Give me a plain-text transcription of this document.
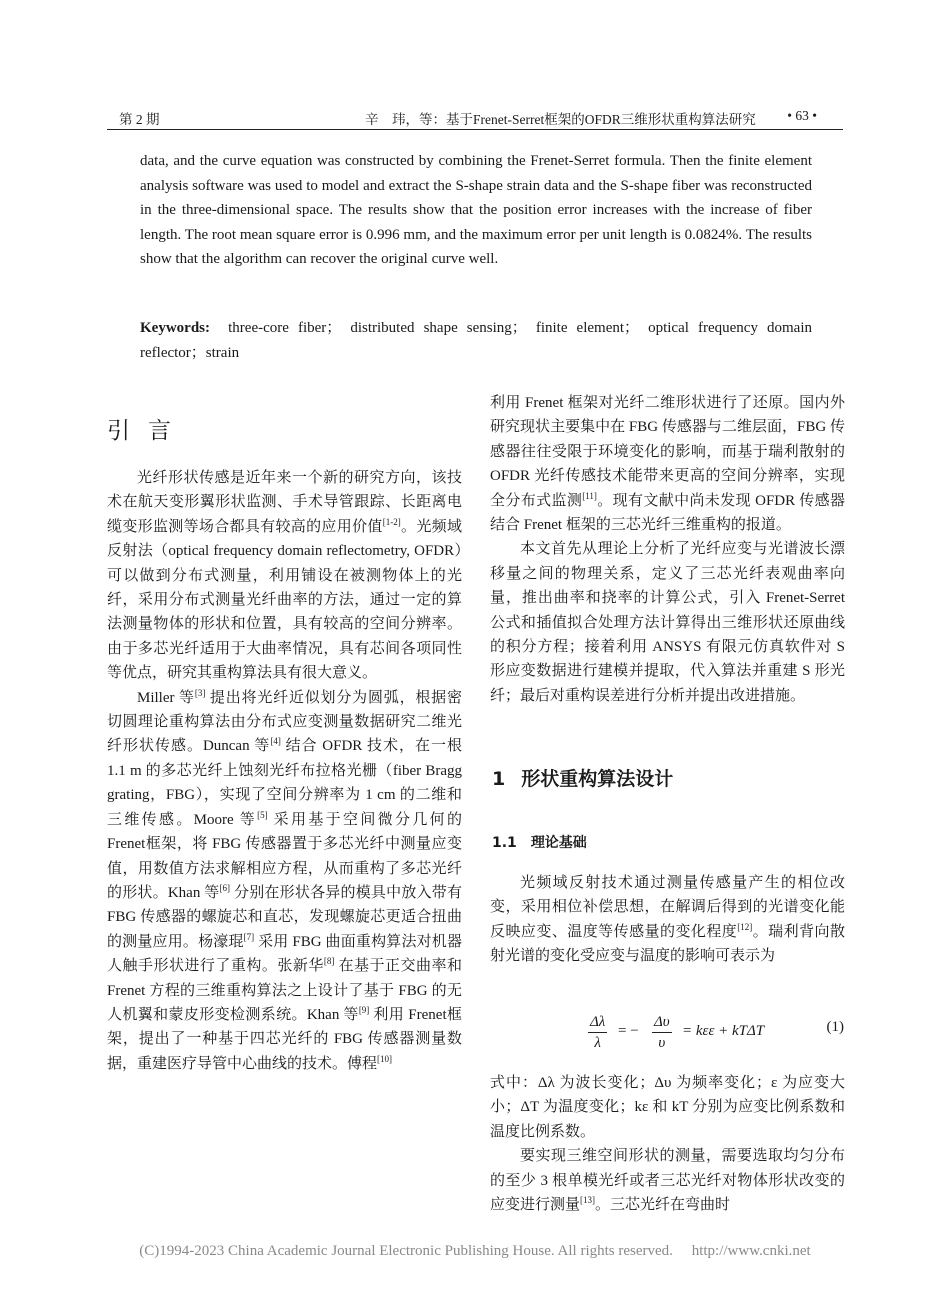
第 2 期	辛　玮，等：基于Frenet-Serret框架的OFDR三维形状重构算法研究 • 63 •

data, and the curve equation was constructed by combining the Frenet-Serret formula. Then the finite element analysis software was used to model and extract the S-shape strain data and the S-shape fiber was reconstructed in the three-dimensional space. The results show that the position error increases with the increase of fiber length. The root mean square error is 0.996 mm, and the maximum error per unit length is 0.0824%. The results show that the algorithm can recover the original curve well.

Keywords: three-core fiber； distributed shape sensing； finite element； optical frequency domain reflector；strain

引言

光纤形状传感是近年来一个新的研究方向，该技术在航天变形翼形状监测、手术导管跟踪、长距离电缆变形监测等场合都具有较高的应用价值[1-2]。光频域反射法（optical frequency domain reflectometry, OFDR）可以做到分布式测量，利用铺设在被测物体上的光纤，采用分布式测量光纤曲率的方法，通过一定的算法测量物体的形状和位置，具有较高的空间分辨率。由于多芯光纤适用于大曲率情况，具有芯间各项同性等优点，研究其重构算法具有很大意义。

Miller 等[3] 提出将光纤近似划分为圆弧，根据密切圆理论重构算法由分布式应变测量数据研究二维光纤形状传感。Duncan 等[4] 结合 OFDR 技术，在一根 1.1 m 的多芯光纤上蚀刻光纤布拉格光栅（fiber Bragg grating，FBG），实现了空间分辨率为 1 cm 的二维和三维传感。Moore 等[5] 采用基于空间微分几何的 Frenet框架，将 FBG 传感器置于多芯光纤中测量应变值，用数值方法求解相应方程，从而重构了多芯光纤的形状。Khan 等[6] 分别在形状各异的模具中放入带有 FBG 传感器的螺旋芯和直芯，发现螺旋芯更适合扭曲的测量应用。杨濠琨[7] 采用 FBG 曲面重构算法对机器人触手形状进行了重构。张新华[8] 在基于正交曲率和 Frenet 方程的三维重构算法之上设计了基于 FBG 的无人机翼和蒙皮形变检测系统。Khan 等[9] 利用 Frenet框架，提出了一种基于四芯光纤的 FBG 传感器测量数据，重建医疗导管中心曲线的技术。傅程[10]

利用 Frenet 框架对光纤二维形状进行了还原。国内外研究现状主要集中在 FBG 传感器与二维层面，FBG 传感器往往受限于环境变化的影响，而基于瑞利散射的 OFDR 光纤传感技术能带来更高的空间分辨率，实现全分布式监测[11]。现有文献中尚未发现 OFDR 传感器结合 Frenet 框架的三芯光纤三维重构的报道。

本文首先从理论上分析了光纤应变与光谱波长漂移量之间的物理关系，定义了三芯光纤表观曲率向量，推出曲率和挠率的计算公式，引入 Frenet-Serret 公式和插值拟合处理方法计算得出三维形状还原曲线的积分方程；接着利用 ANSYS 有限元仿真软件对 S 形应变数据进行建模并提取，代入算法并重建 S 形光纤；最后对重构误差进行分析并提出改进措施。

1 形状重构算法设计
1.1 理论基础

光频域反射技术通过测量传感量产生的相位改变，采用相位补偿思想，在解调后得到的光谱变化能反映应变、温度等传感量的变化程度[12]。瑞利背向散射光谱的变化受应变与温度的影响可表示为

$\frac{\Delta\lambda}{\lambda}$ = − $\frac{\Delta\upsilon}{\upsilon} = k\varepsilon\varepsilon + kT\Delta T$	(1)

式中：Δλ 为波长变化；Δυ 为频率变化；ε 为应变大小；ΔT 为温度变化；kε 和 kT 分别为应变比例系数和温度比例系数。

要实现三维空间形状的测量，需要选取均匀分布的至少 3 根单模光纤或者三芯光纤对物体形状改变的应变进行测量[13]。三芯光纤在弯曲时

(C)1994-2023 China Academic Journal Electronic Publishing House. All rights reserved. http://www.cnki.net
